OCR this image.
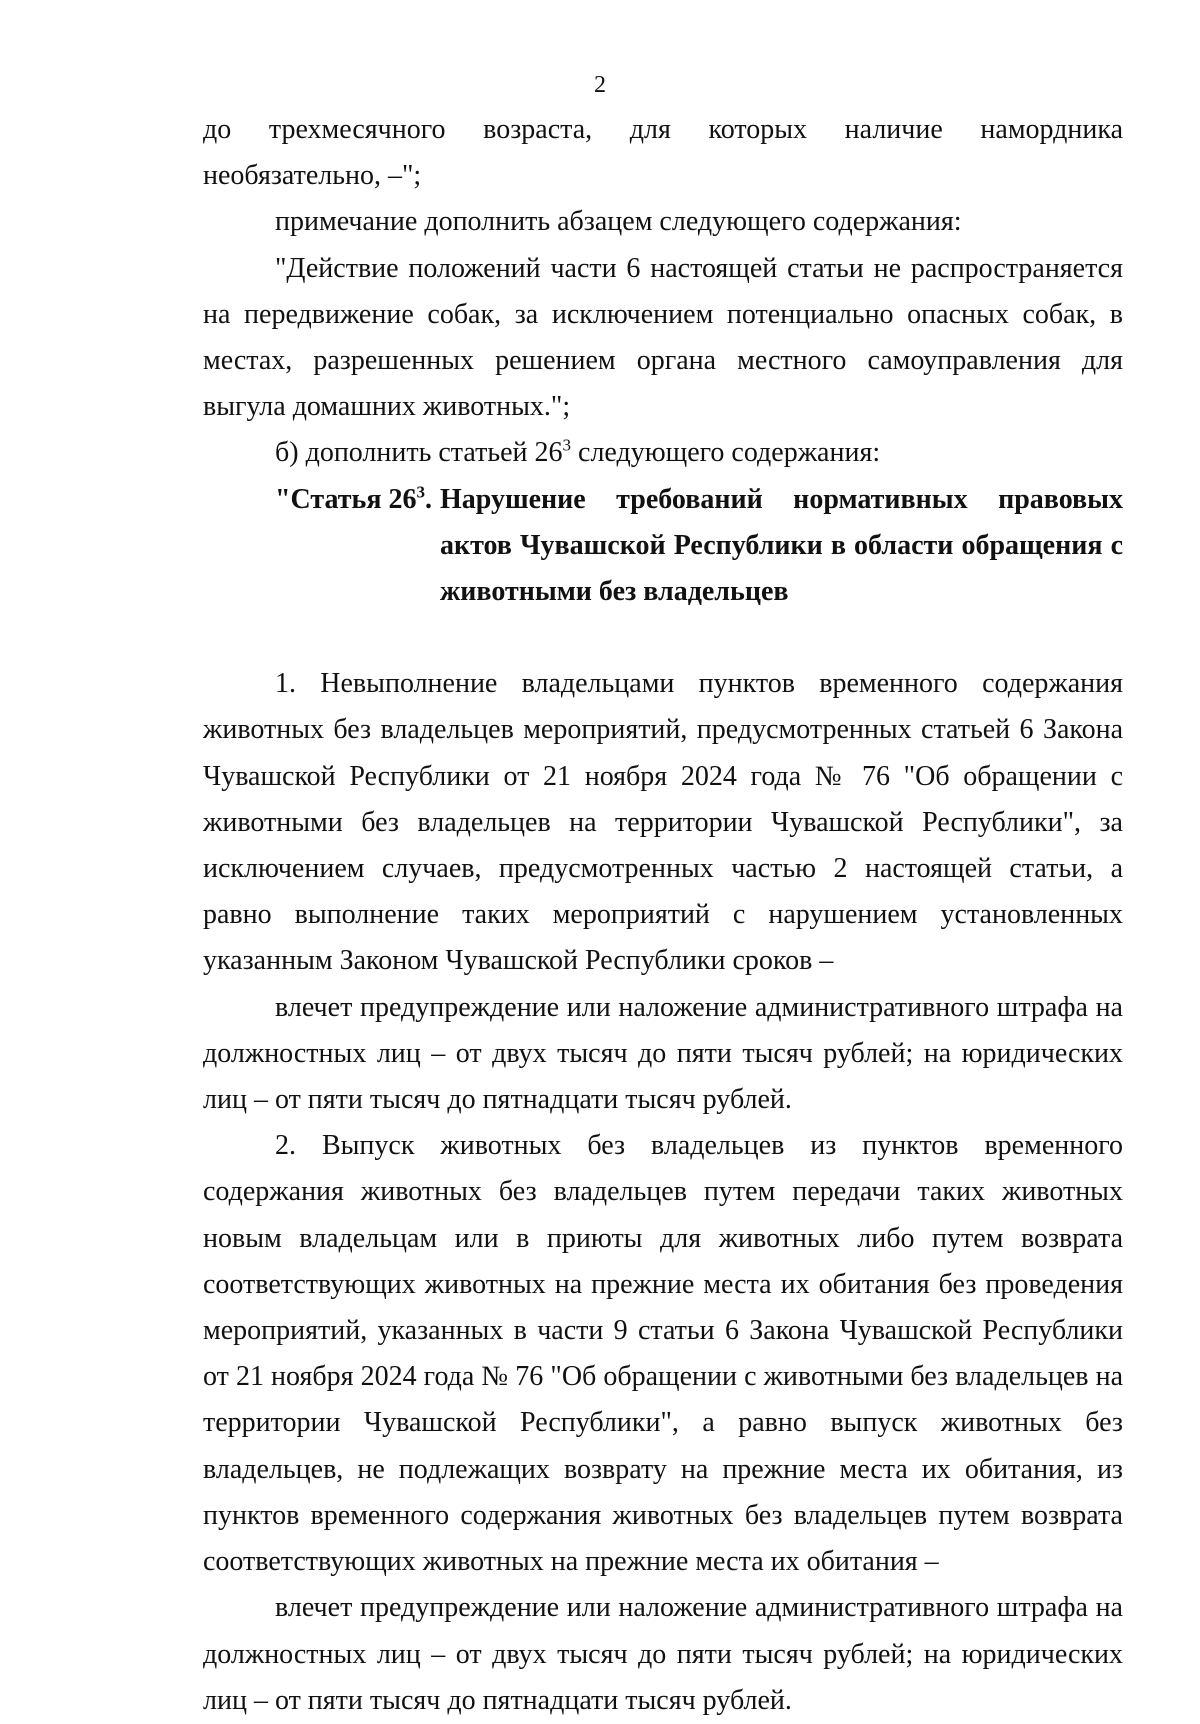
2

до трехмесячного возраста, для которых наличие намордника необязательно, –";

примечание дополнить абзацем следующего содержания:

"Действие положений части 6 настоящей статьи не распространяется на передвижение собак, за исключением потенциально опасных собак, в местах, разрешенных решением органа местного самоуправления для выгула домашних животных.";

б) дополнить статьей $26^3$ следующего содержания:

"Статья $26^3$. Нарушение требований нормативных правовых актов Чувашской Республики в области обращения с животными без владельцев

1. Невыполнение владельцами пунктов временного содержания животных без владельцев мероприятий, предусмотренных статьей 6 Закона Чувашской Республики от 21 ноября 2024 года № 76 "Об обращении с животными без владельцев на территории Чувашской Республики", за исключением случаев, предусмотренных частью 2 настоящей статьи, а равно выполнение таких мероприятий с нарушением установленных указанным Законом Чувашской Республики сроков –

влечет предупреждение или наложение административного штрафа на должностных лиц – от двух тысяч до пяти тысяч рублей; на юридических лиц – от пяти тысяч до пятнадцати тысяч рублей.

2. Выпуск животных без владельцев из пунктов временного содержания животных без владельцев путем передачи таких животных новым владельцам или в приюты для животных либо путем возврата соответствующих животных на прежние места их обитания без проведения мероприятий, указанных в части 9 статьи 6 Закона Чувашской Республики от 21 ноября 2024 года № 76 "Об обращении с животными без владельцев на территории Чувашской Республики", а равно выпуск животных без владельцев, не подлежащих возврату на прежние места их обитания, из пунктов временного содержания животных без владельцев путем возврата соответствующих животных на прежние места их обитания –

влечет предупреждение или наложение административного штрафа на должностных лиц – от двух тысяч до пяти тысяч рублей; на юридических лиц – от пяти тысяч до пятнадцати тысяч рублей.
